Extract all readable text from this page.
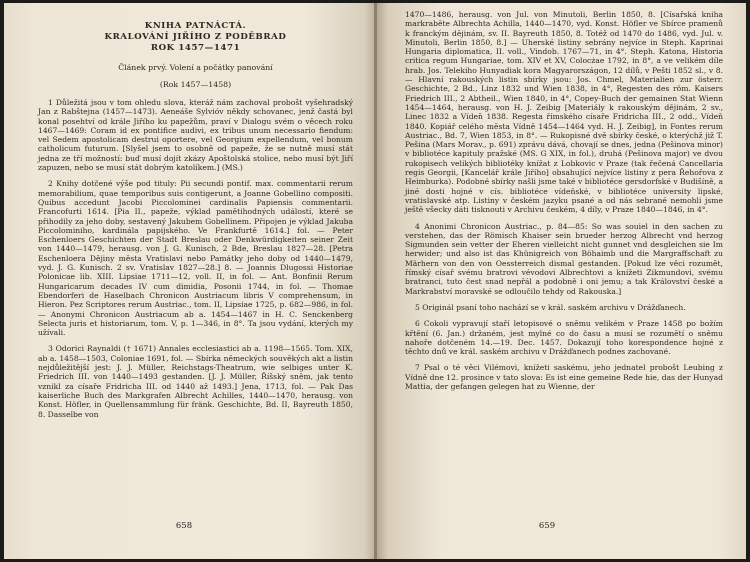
KNIHA PATNÁCTÁ.
KRALOVÁNÍ JIŘÍHO Z PODĚBRAD
ROK 1457—1471
Článek prvý. Volení a počátky panování
(Rok 1457—1458)

1 Důležitá jsou v tom ohledu slova, kteráž nám zachoval probošt vyšehradský Jan z Rabštejna (1457—1473). Aeneáše Sylvióv někdy schovanec, jenž častá byl konal posehtví od krále Jiřího ku papežům, praví v Dialogu svém o věcech roku 1467—1469: Coram id ex pontifice audivi, ex tribus unum necessario fiendum: vel Sedem apostolicam destrui oportere, vel Georgium expellendum, vel bonum catholicum futurum. [Slyšel jsem to osobně od papeže, že se nutně musí stát jedna ze tří možností: buď musí dojít zkázy Apoštolská stolice, nebo musí být Jiří zapuzen, nebo se musí stát dobrým katolíkem.] (MS.)

2 Knihy dotčené výše pod tituly: Pii secundi pontif. max. commentarii rerum memorabilium, quae temporibus suis contigerunt, a Joanne Gobellino compositi. Quibus accedunt Jacobi Piccolominei cardinalis Papiensis commentarii. Francofurti 1614. [Pia II., papeže, výklad pamětihodných událostí, které se přihodily za jeho doby, sestavený Jakubem Gobellinem. Připojen je výklad Jakuba Piccolominiho, kardinála papijského. Ve Frankfurtě 1614.] fol. — Peter Eschenloers Geschichten der Stadt Breslau oder Denkwürdigkeiten seiner Zeit von 1440—1479, herausg. von J. G. Kunisch, 2 Bde, Breslau 1827—28. [Petra Eschenloera Dějiny města Vratislavi nebo Památky jeho doby od 1440—1479, vyd. J. G. Kunisch. 2 sv. Vratislav 1827—28.] 8. — Joannis Dlugossi Historiae Polonicae lib. XIII. Lipsiae 1711—12, voll. II, in fol. — Ant. Bonfinii Rerum Hungaricarum decades IV cum dimidia, Posonii 1744, in fol. — Thomae Ebendorferi de Haselbach Chronicon Austriacum libris V comprehensum, in Hieron. Pez Scriptores rerum Austriac., tom. II, Lipsiae 1725, p. 682—986, in fol. — Anonymi Chronicon Austriacum ab a. 1454—1467 in H. C. Senckenberg Selecta juris et historiarum, tom. V, p. 1—346, in 8°. Ta jsou vydání, kterých my užívali.

3 Odorici Raynaldi († 1671) Annales ecclesiastici ab a. 1198—1565. Tom. XIX, ab a. 1458—1503, Coloniae 1691, fol. — Sbírka německých souvěkých akt a listin nejdůležitější jest: J. J. Müller, Reichstags-Theatrum, wie selbiges unter K. Friedrich III. von 1440—1493 gestanden. [J. J. Müller, Říšský sněm, jak tento vznikl za císaře Fridricha III. od 1440 až 1493.] Jena, 1713, fol. — Pak Das kaiserliche Buch des Markgrafen Albrecht Achilles, 1440—1470, herausg. von Konst. Höfler, in Quellensammlung für fränk. Geschichte, Bd. II, Bayreuth 1850, 8. Dasselbe von

658

1470—1486, herausg. von Jul. von Minutoli, Berlin 1850, 8. [Císařská kniha markraběte Albrechta Achilla, 1440—1470, vyd. Konst. Höfler ve Sbírce pramenů k franckým dějinám, sv. II. Bayreuth 1850, 8. Totéž od 1470 do 1486, vyd. Jul. v. Minutoli, Berlin 1850, 8.] — Uherské listiny sebrány nejvíce in Steph. Kaprinai Hungaria diplomatica, II. voll., Vindob. 1767—71, in 4°. Steph. Katona, Historia critica regum Hungariae, tom. XIV et XV, Colocżae 1792, in 8°, a ve velikém díle hrab. Jos. Telekiho Hunyadiak kora Magyarországon, 12 dílů, v Pešti 1852 sl., v 8. — Hlavní rakouských listin sbírky jsou: Jos. Chmel, Materialien zur österr. Geschichte, 2 Bd., Linz 1832 und Wien 1838, in 4°, Regesten des röm. Kaisers Friedrich III., 2 Abtheil., Wien 1840, in 4°, Copey-Buch der gemainen Stat Wienn 1454—1464, herausg. von H. J. Zeibig [Materiály k rakouským dějinám, 2 sv., Linec 1832 a Vídeň 1838. Regesta římského císaře Fridricha III., 2 odd., Vídeň 1840. Kopiář celého města Vídně 1454—1464 vyd. H. J. Zeibig], in Fontes rerum Austriac., Bd. 7, Wien 1853, in 8°. — Rukopisné dvě sbírky české, o kterýchž již T. Pešina (Mars Morav., p. 691) zprávu dává, chovají se dnes, jedna (Pešinova minor) v bibliotéce kapituly pražské (MS. G XIX, in fol.), druhá (Pešinova major) ve dvou rukopisech velikých bibliotéky knížat z Lobkovic v Praze (tak řečená Cancellaria regis Georgii, [Kancelář krále Jiřího] obsahující nejvíce listiny z pera Řehořova z Heimburka). Podobné sbírky našli jsme také v bibliotéce gersdorfské v Budišíně, a jiné dosti hojné v cís. bibliotéce vídeňské, v bibliotéce university lipské, vratislavské atp. Listiny v českém jazyku psané a od nás sebrané nemohli jsme ještě všecky dáti tisknouti v Archivu českém, 4 díly, v Praze 1840—1846, in 4°.

4 Anonimi Chronicon Austriac., p. 84—85: So was souiel in den sachen zu verstehen, das der Römisch Khaiser sein brueder herzog Albrecht vnd herzog Sigmunden sein vetter der Eheren vielleicht nicht gunnet vnd desgleichen sie Im herwider; und also ist das Khünigreich von Böhaimb und die Margraffschaft zu Märhern von den von Oessterreich dismal gestanden. [Pokud lze věci rozumět, římský císař svému bratrovi vévodovi Albrechtovi a knížeti Zikmundovi, svému bratranci, tuto čest snad nepřál a podobně i oni jemu; a tak Království české a Markrabství moravské se odloučilo tehdy od Rakouska.]

5 Originál psaní toho nachází se v král. saském archivu v Drážďanech.

6 Cokoli vypravují staří letopisové o sněmu velikém v Praze 1458 po božím křtění (6. Jan.) držaném, jest mylné co do času a musí se rozumětí o sněmu nahoře dotčeném 14.—19. Dec. 1457. Dokazují toho korespondence hojné z těchto dnů ve král. saském archivu v Drážďanech podnes zachované.

7 Psal o té věci Vilémovi, knížeti saskému, jeho jednatel probošt Leubing z Vídně dne 12. prosince v tato slova: Es ist eine gemeine Rede hie, das der Hunyad Mattia, der gefangen gelegen hat zu Wienne, der

659
